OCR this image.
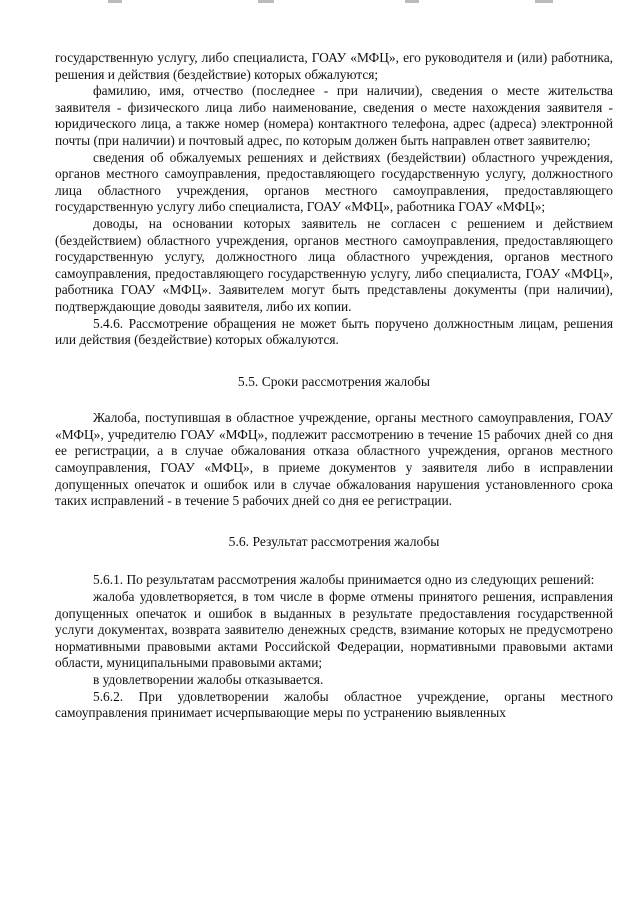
государственную услугу, либо специалиста, ГОАУ «МФЦ», его руководителя и (или) работника, решения и действия (бездействие) которых обжалуются;

фамилию, имя, отчество (последнее - при наличии), сведения о месте жительства заявителя - физического лица либо наименование, сведения о месте нахождения заявителя - юридического лица, а также номер (номера) контактного телефона, адрес (адреса) электронной почты (при наличии) и почтовый адрес, по которым должен быть направлен ответ заявителю;

сведения об обжалуемых решениях и действиях (бездействии) областного учреждения, органов местного самоуправления, предоставляющего государственную услугу, должностного лица областного учреждения, органов местного самоуправления, предоставляющего государственную услугу либо специалиста, ГОАУ «МФЦ», работника ГОАУ «МФЦ»;

доводы, на основании которых заявитель не согласен с решением и действием (бездействием) областного учреждения, органов местного самоуправления, предоставляющего государственную услугу, должностного лица областного учреждения, органов местного самоуправления, предоставляющего государственную услугу, либо специалиста, ГОАУ «МФЦ», работника ГОАУ «МФЦ». Заявителем могут быть представлены документы (при наличии), подтверждающие доводы заявителя, либо их копии.

5.4.6. Рассмотрение обращения не может быть поручено должностным лицам, решения или действия (бездействие) которых обжалуются.

5.5. Сроки рассмотрения жалобы

Жалоба, поступившая в областное учреждение, органы местного самоуправления, ГОАУ «МФЦ», учредителю ГОАУ «МФЦ», подлежит рассмотрению в течение 15 рабочих дней со дня ее регистрации, а в случае обжалования отказа областного учреждения, органов местного самоуправления, ГОАУ «МФЦ», в приеме документов у заявителя либо в исправлении допущенных опечаток и ошибок или в случае обжалования нарушения установленного срока таких исправлений - в течение 5 рабочих дней со дня ее регистрации.

5.6. Результат рассмотрения жалобы

5.6.1. По результатам рассмотрения жалобы принимается одно из следующих решений:

жалоба удовлетворяется, в том числе в форме отмены принятого решения, исправления допущенных опечаток и ошибок в выданных в результате предоставления государственной услуги документах, возврата заявителю денежных средств, взимание которых не предусмотрено нормативными правовыми актами Российской Федерации, нормативными правовыми актами области, муниципальными правовыми актами;

в удовлетворении жалобы отказывается.

5.6.2. При удовлетворении жалобы областное учреждение, органы местного самоуправления принимает исчерпывающие меры по устранению выявленных
